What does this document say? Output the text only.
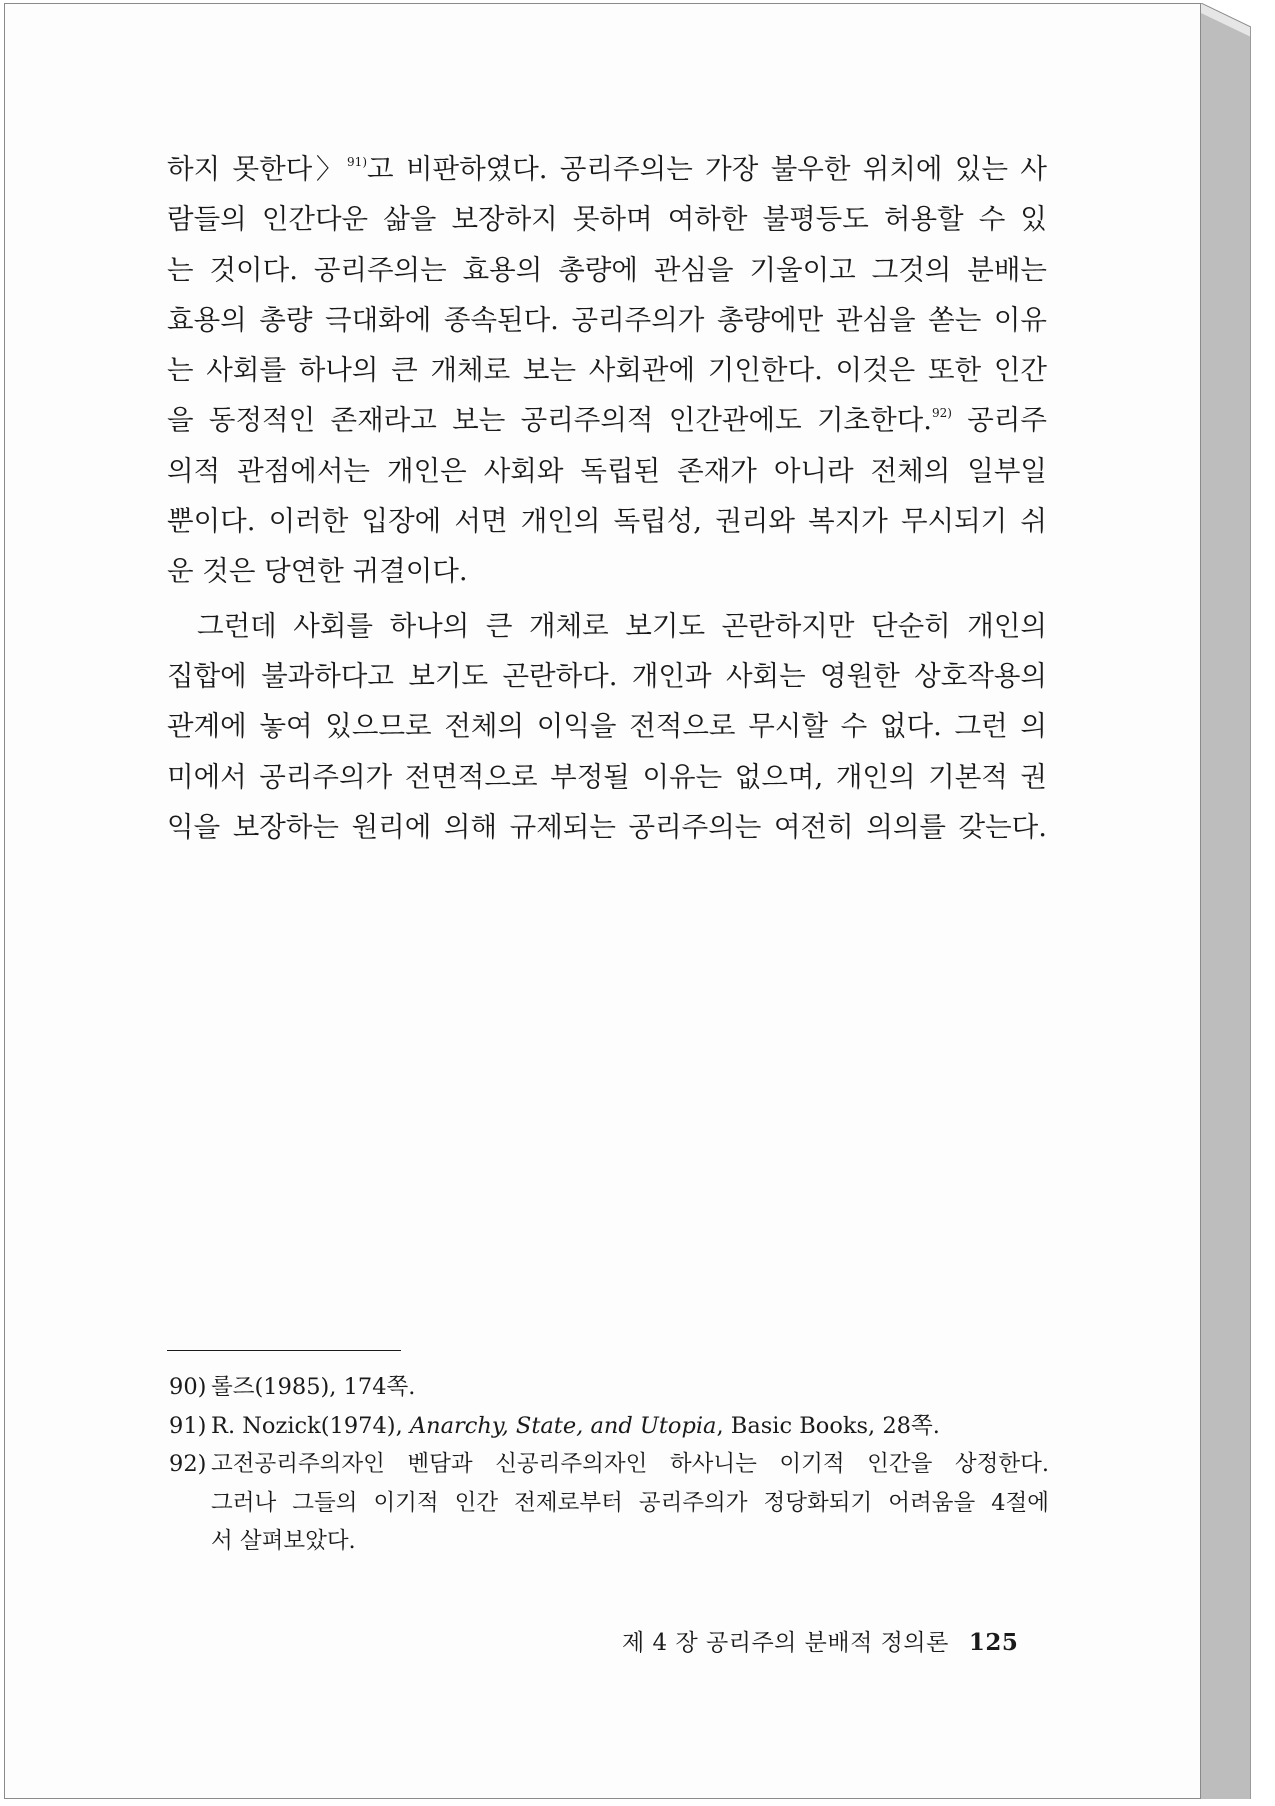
하지 못한다〉$^{91)}$고 비판하였다. 공리주의는 가장 불우한 위치에 있는 사
람들의 인간다운 삶을 보장하지 못하며 여하한 불평등도 허용할 수 있
는 것이다. 공리주의는 효용의 총량에 관심을 기울이고 그것의 분배는
효용의 총량 극대화에 종속된다. 공리주의가 총량에만 관심을 쏟는 이유
는 사회를 하나의 큰 개체로 보는 사회관에 기인한다. 이것은 또한 인간
을 동정적인 존재라고 보는 공리주의적 인간관에도 기초한다.$^{92)}$ 공리주
의적 관점에서는 개인은 사회와 독립된 존재가 아니라 전체의 일부일
뿐이다. 이러한 입장에 서면 개인의 독립성, 권리와 복지가 무시되기 쉬
운 것은 당연한 귀결이다.
그런데 사회를 하나의 큰 개체로 보기도 곤란하지만 단순히 개인의
집합에 불과하다고 보기도 곤란하다. 개인과 사회는 영원한 상호작용의
관계에 놓여 있으므로 전체의 이익을 전적으로 무시할 수 없다. 그런 의
미에서 공리주의가 전면적으로 부정될 이유는 없으며, 개인의 기본적 권
익을 보장하는 원리에 의해 규제되는 공리주의는 여전히 의의를 갖는다.
90) 롤즈(1985), 174쪽.
91) R. Nozick(1974), Anarchy, State, and Utopia, Basic Books, 28쪽.
92) 고전공리주의자인 벤담과 신공리주의자인 하사니는 이기적 인간을 상정한다.
그러나 그들의 이기적 인간 전제로부터 공리주의가 정당화되기 어려움을 4절에
서 살펴보았다.
제 4 장 공리주의 분배적 정의론 125
